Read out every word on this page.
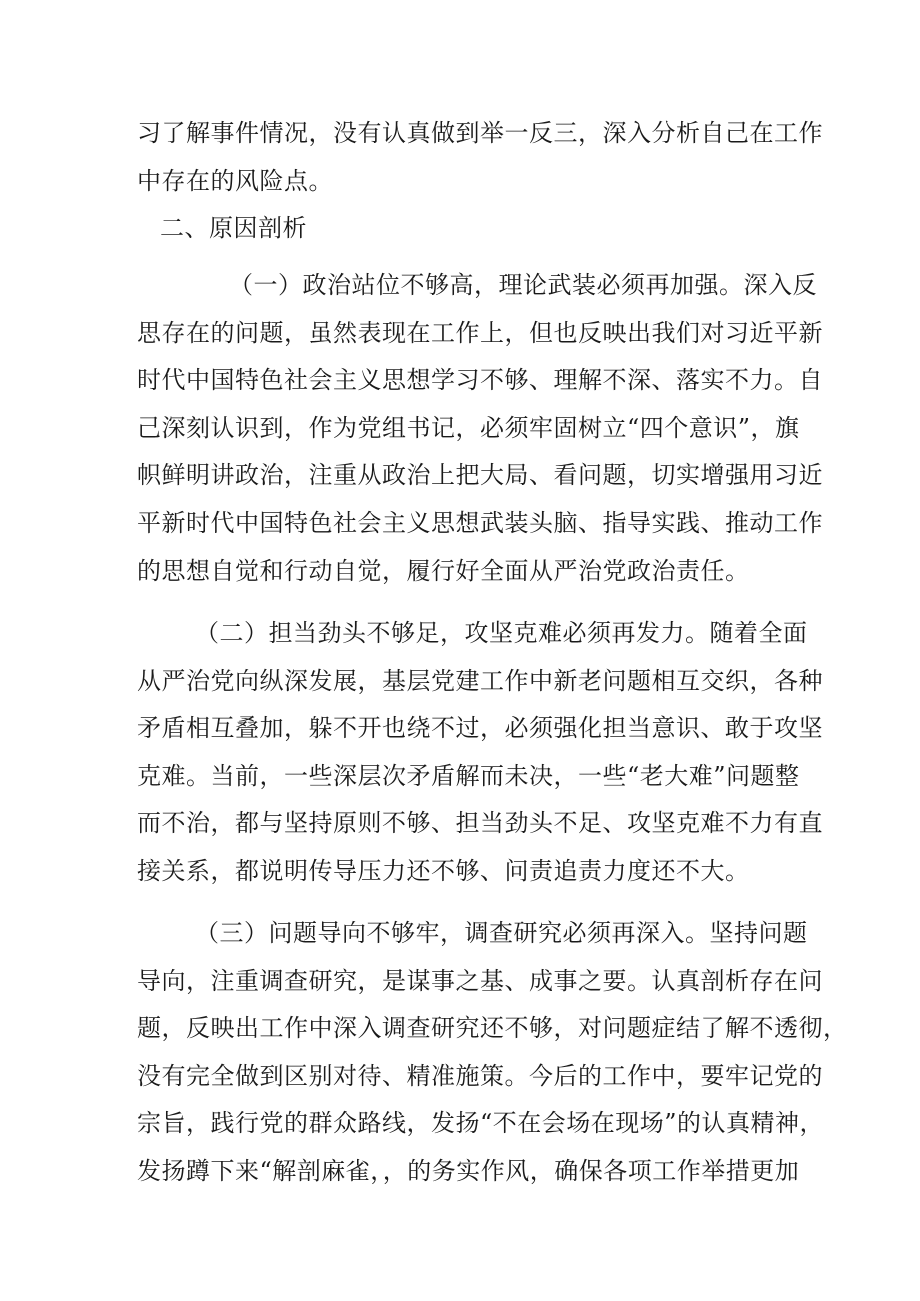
习了解事件情况，没有认真做到举一反三，深入分析自己在工作
中存在的风险点。
二、原因剖析
（一）政治站位不够高，理论武装必须再加强。深入反
思存在的问题，虽然表现在工作上，但也反映出我们对习近平新
时代中国特色社会主义思想学习不够、理解不深、落实不力。自
己深刻认识到，作为党组书记，必须牢固树立“四个意识”，旗
帜鲜明讲政治，注重从政治上把大局、看问题，切实增强用习近
平新时代中国特色社会主义思想武装头脑、指导实践、推动工作
的思想自觉和行动自觉，履行好全面从严治党政治责任。
（二）担当劲头不够足，攻坚克难必须再发力。随着全面
从严治党向纵深发展，基层党建工作中新老问题相互交织，各种
矛盾相互叠加，躲不开也绕不过，必须强化担当意识、敢于攻坚
克难。当前，一些深层次矛盾解而未决，一些“老大难”问题整
而不治，都与坚持原则不够、担当劲头不足、攻坚克难不力有直
接关系，都说明传导压力还不够、问责追责力度还不大。
（三）问题导向不够牢，调查研究必须再深入。坚持问题
导向，注重调查研究，是谋事之基、成事之要。认真剖析存在问
题，反映出工作中深入调查研究还不够，对问题症结了解不透彻，
没有完全做到区别对待、精准施策。今后的工作中，要牢记党的
宗旨，践行党的群众路线，发扬“不在会场在现场”的认真精神，
发扬蹲下来“解剖麻雀，，的务实作风，确保各项工作举措更加
